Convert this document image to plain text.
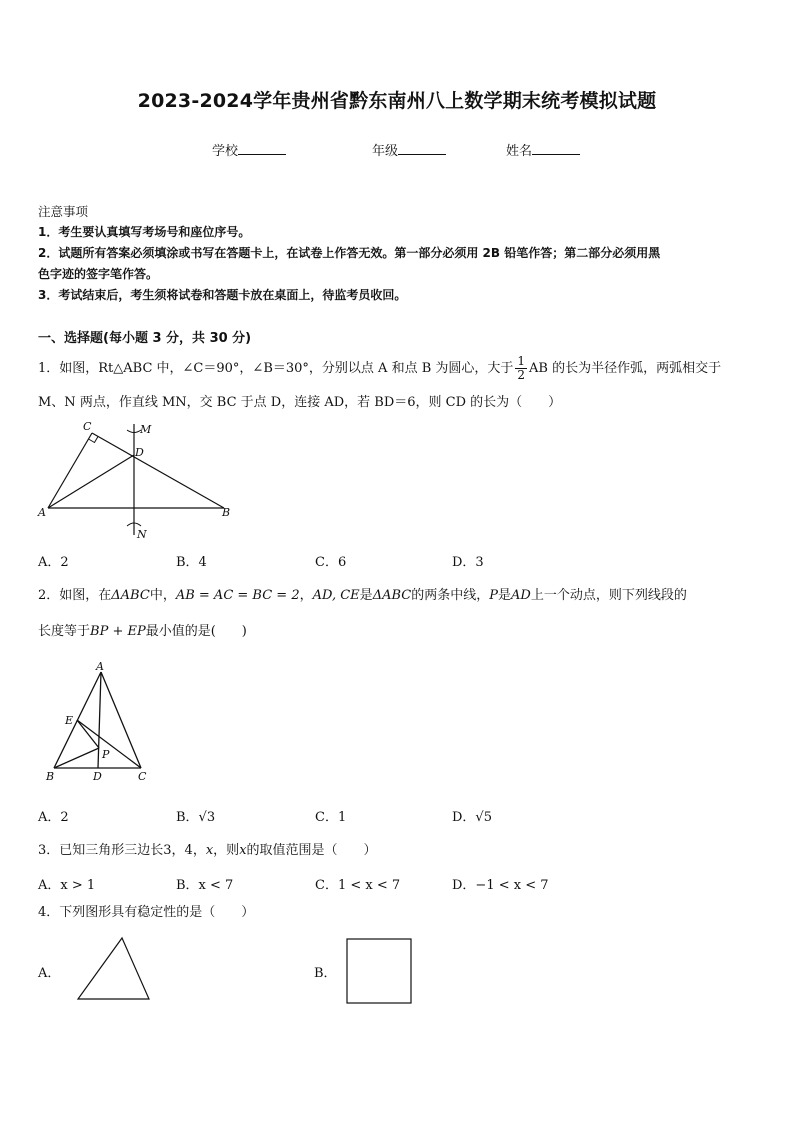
2023-2024学年贵州省黔东南州八上数学期末统考模拟试题
学校	年级	姓名
注意事项
1．考生要认真填写考场号和座位序号。
2．试题所有答案必须填涂或书写在答题卡上，在试卷上作答无效。第一部分必须用 2B 铅笔作答；第二部分必须用黑
色字迹的签字笔作答。
3．考试结束后，考生须将试卷和答题卡放在桌面上，待监考员收回。
一、选择题(每小题 3 分，共 30 分)
1．如图，Rt△ABC 中，∠C＝90°，∠B＝30°，分别以点 A 和点 B 为圆心，大于 $\frac{1}{2}$ AB 的长为半径作弧，两弧相交于
M、N 两点，作直线 MN，交 BC 于点 D，连接 AD，若 BD＝6，则 CD 的长为（　　）
C	M
D
A	B
N
A．2	B．4	C．6	D．3
2．如图，在ΔABC中，AB = AC = BC = 2，AD, CE是ΔABC的两条中线，P是AD上一个动点，则下列线段的
长度等于BP + EP最小值的是(　　)
A
E
P
B	D	C
A．2	B．√3	C．1	D．√5
3．已知三角形三边长3，4，x，则x的取值范围是（　　）
A．x > 1	B．x < 7	C．1 < x < 7	D．−1 < x < 7
4．下列图形具有稳定性的是（　　）
A．	B．
